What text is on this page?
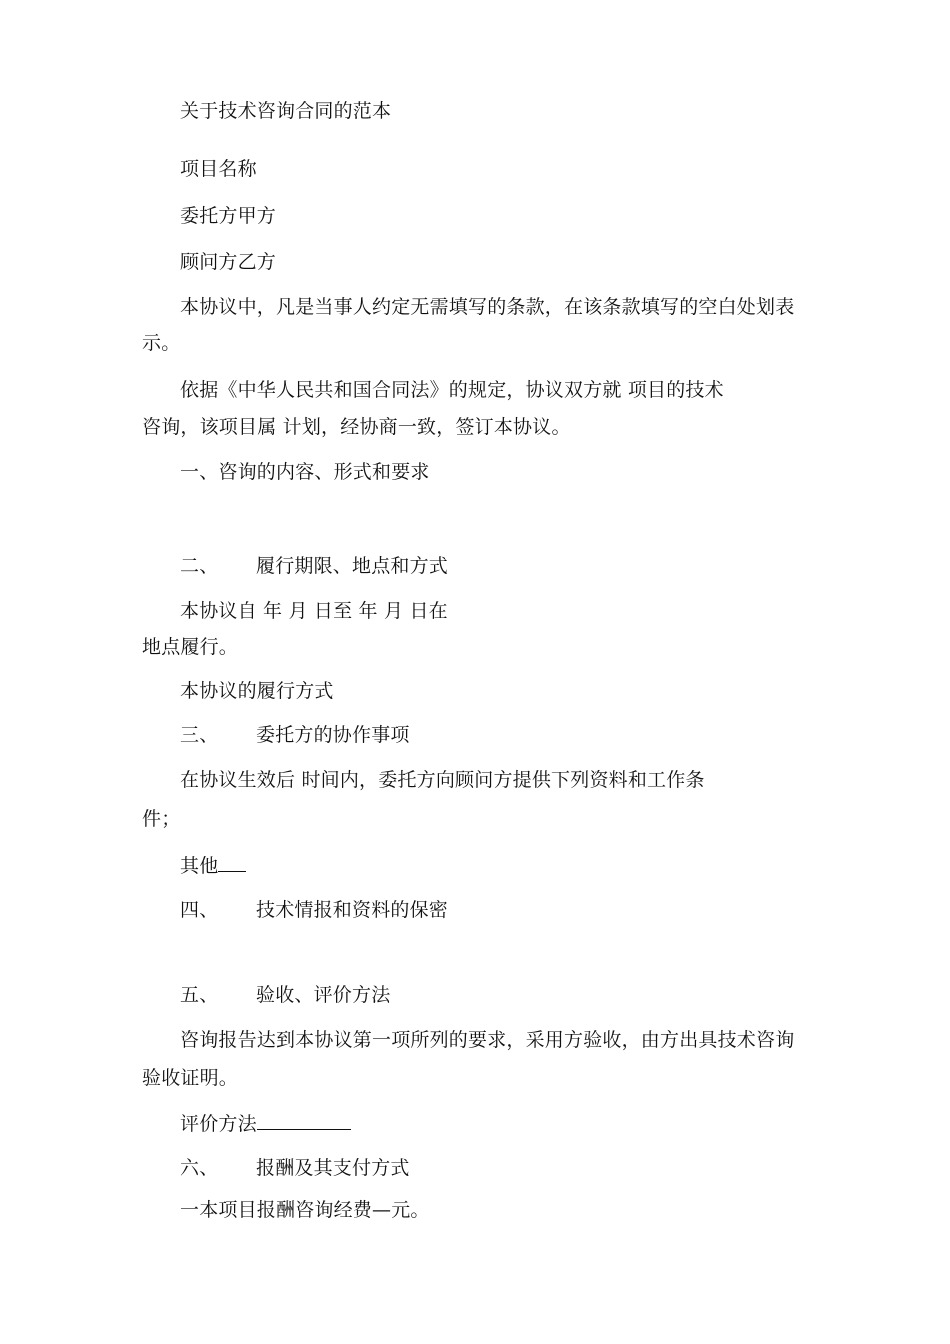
关于技术咨询合同的范本
项目名称
委托方甲方
顾问方乙方
本协议中，凡是当事人约定无需填写的条款，在该条款填写的空白处划表
示。
依据《中华人民共和国合同法》的规定，协议双方就 项目的技术
咨询，该项目属 计划，经协商一致，签订本协议。
一、咨询的内容、形式和要求
二、 履行期限、地点和方式
本协议自 年 月 日至 年 月 日在
地点履行。
本协议的履行方式
三、 委托方的协作事项
在协议生效后 时间内，委托方向顾问方提供下列资料和工作条
件；
其他
四、 技术情报和资料的保密
五、 验收、评价方法
咨询报告达到本协议第一项所列的要求，采用方验收，由方出具技术咨询
验收证明。
评价方法
六、 报酬及其支付方式
一本项目报酬咨询经费—元。
